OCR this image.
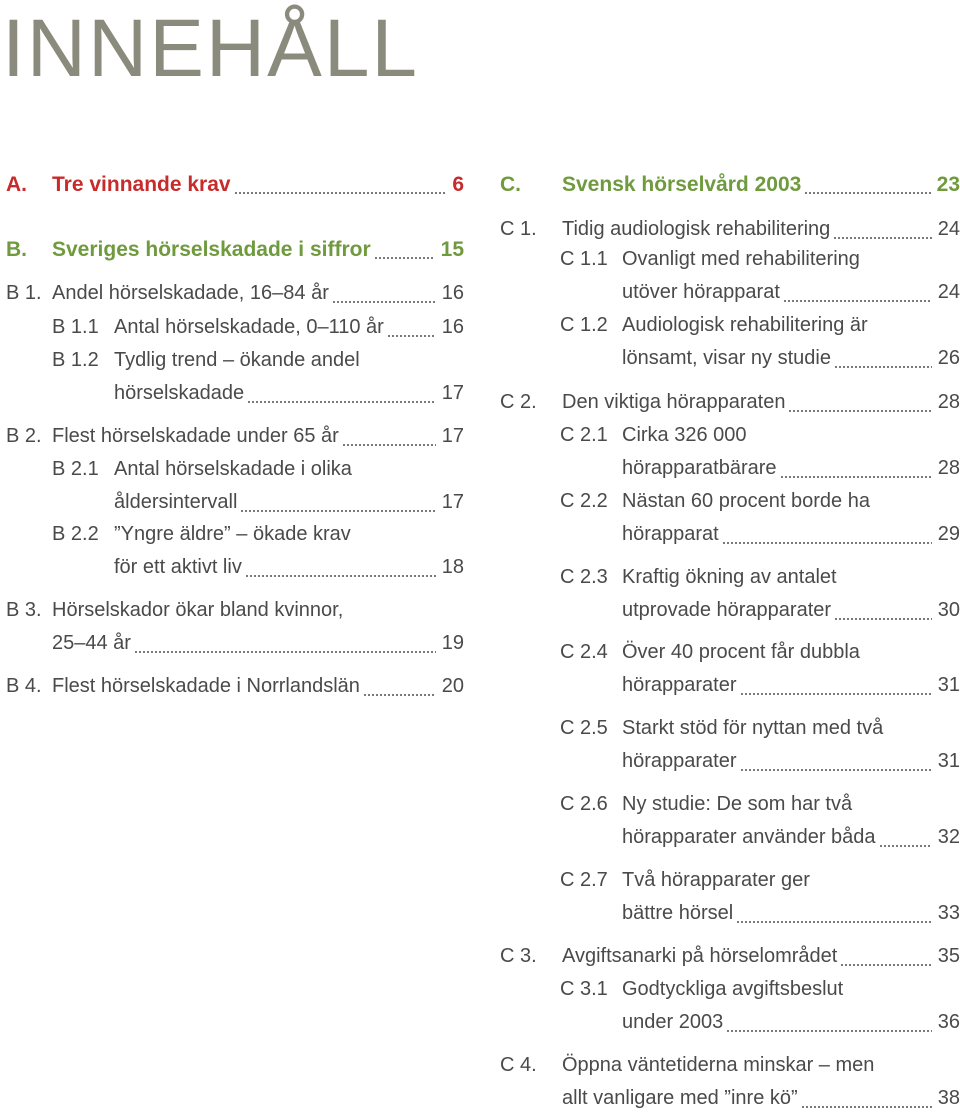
INNEHÅLL
A. Tre vinnande krav	6
B. Sveriges hörselskadade i siffror	15
B 1. Andel hörselskadade, 16–84 år	16
B 1.1 Antal hörselskadade, 0–110 år	16
B 1.2 Tydlig trend – ökande andel
hörselskadade	17
B 2. Flest hörselskadade under 65 år	17
B 2.1 Antal hörselskadade i olika
åldersintervall	17
B 2.2 ”Yngre äldre” – ökade krav
för ett aktivt liv	18
B 3. Hörselskador ökar bland kvinnor,
25–44 år	19
B 4. Flest hörselskadade i Norrlandslän	20
C. Svensk hörselvård 2003	23
C 1. Tidig audiologisk rehabilitering	24
C 1.1 Ovanligt med rehabilitering
utöver hörapparat	24
C 1.2 Audiologisk rehabilitering är
lönsamt, visar ny studie	26
C 2. Den viktiga hörapparaten	28
C 2.1 Cirka 326 000
hörapparatbärare	28
C 2.2 Nästan 60 procent borde ha
hörapparat	29
C 2.3 Kraftig ökning av antalet
utprovade hörapparater	30
C 2.4 Över 40 procent får dubbla
hörapparater	31
C 2.5 Starkt stöd för nyttan med två
hörapparater	31
C 2.6 Ny studie: De som har två
hörapparater använder båda	32
C 2.7 Två hörapparater ger
bättre hörsel	33
C 3. Avgiftsanarki på hörselområdet	35
C 3.1 Godtyckliga avgiftsbeslut
under 2003	36
C 4. Öppna väntetiderna minskar – men
allt vanligare med ”inre kö”	38
